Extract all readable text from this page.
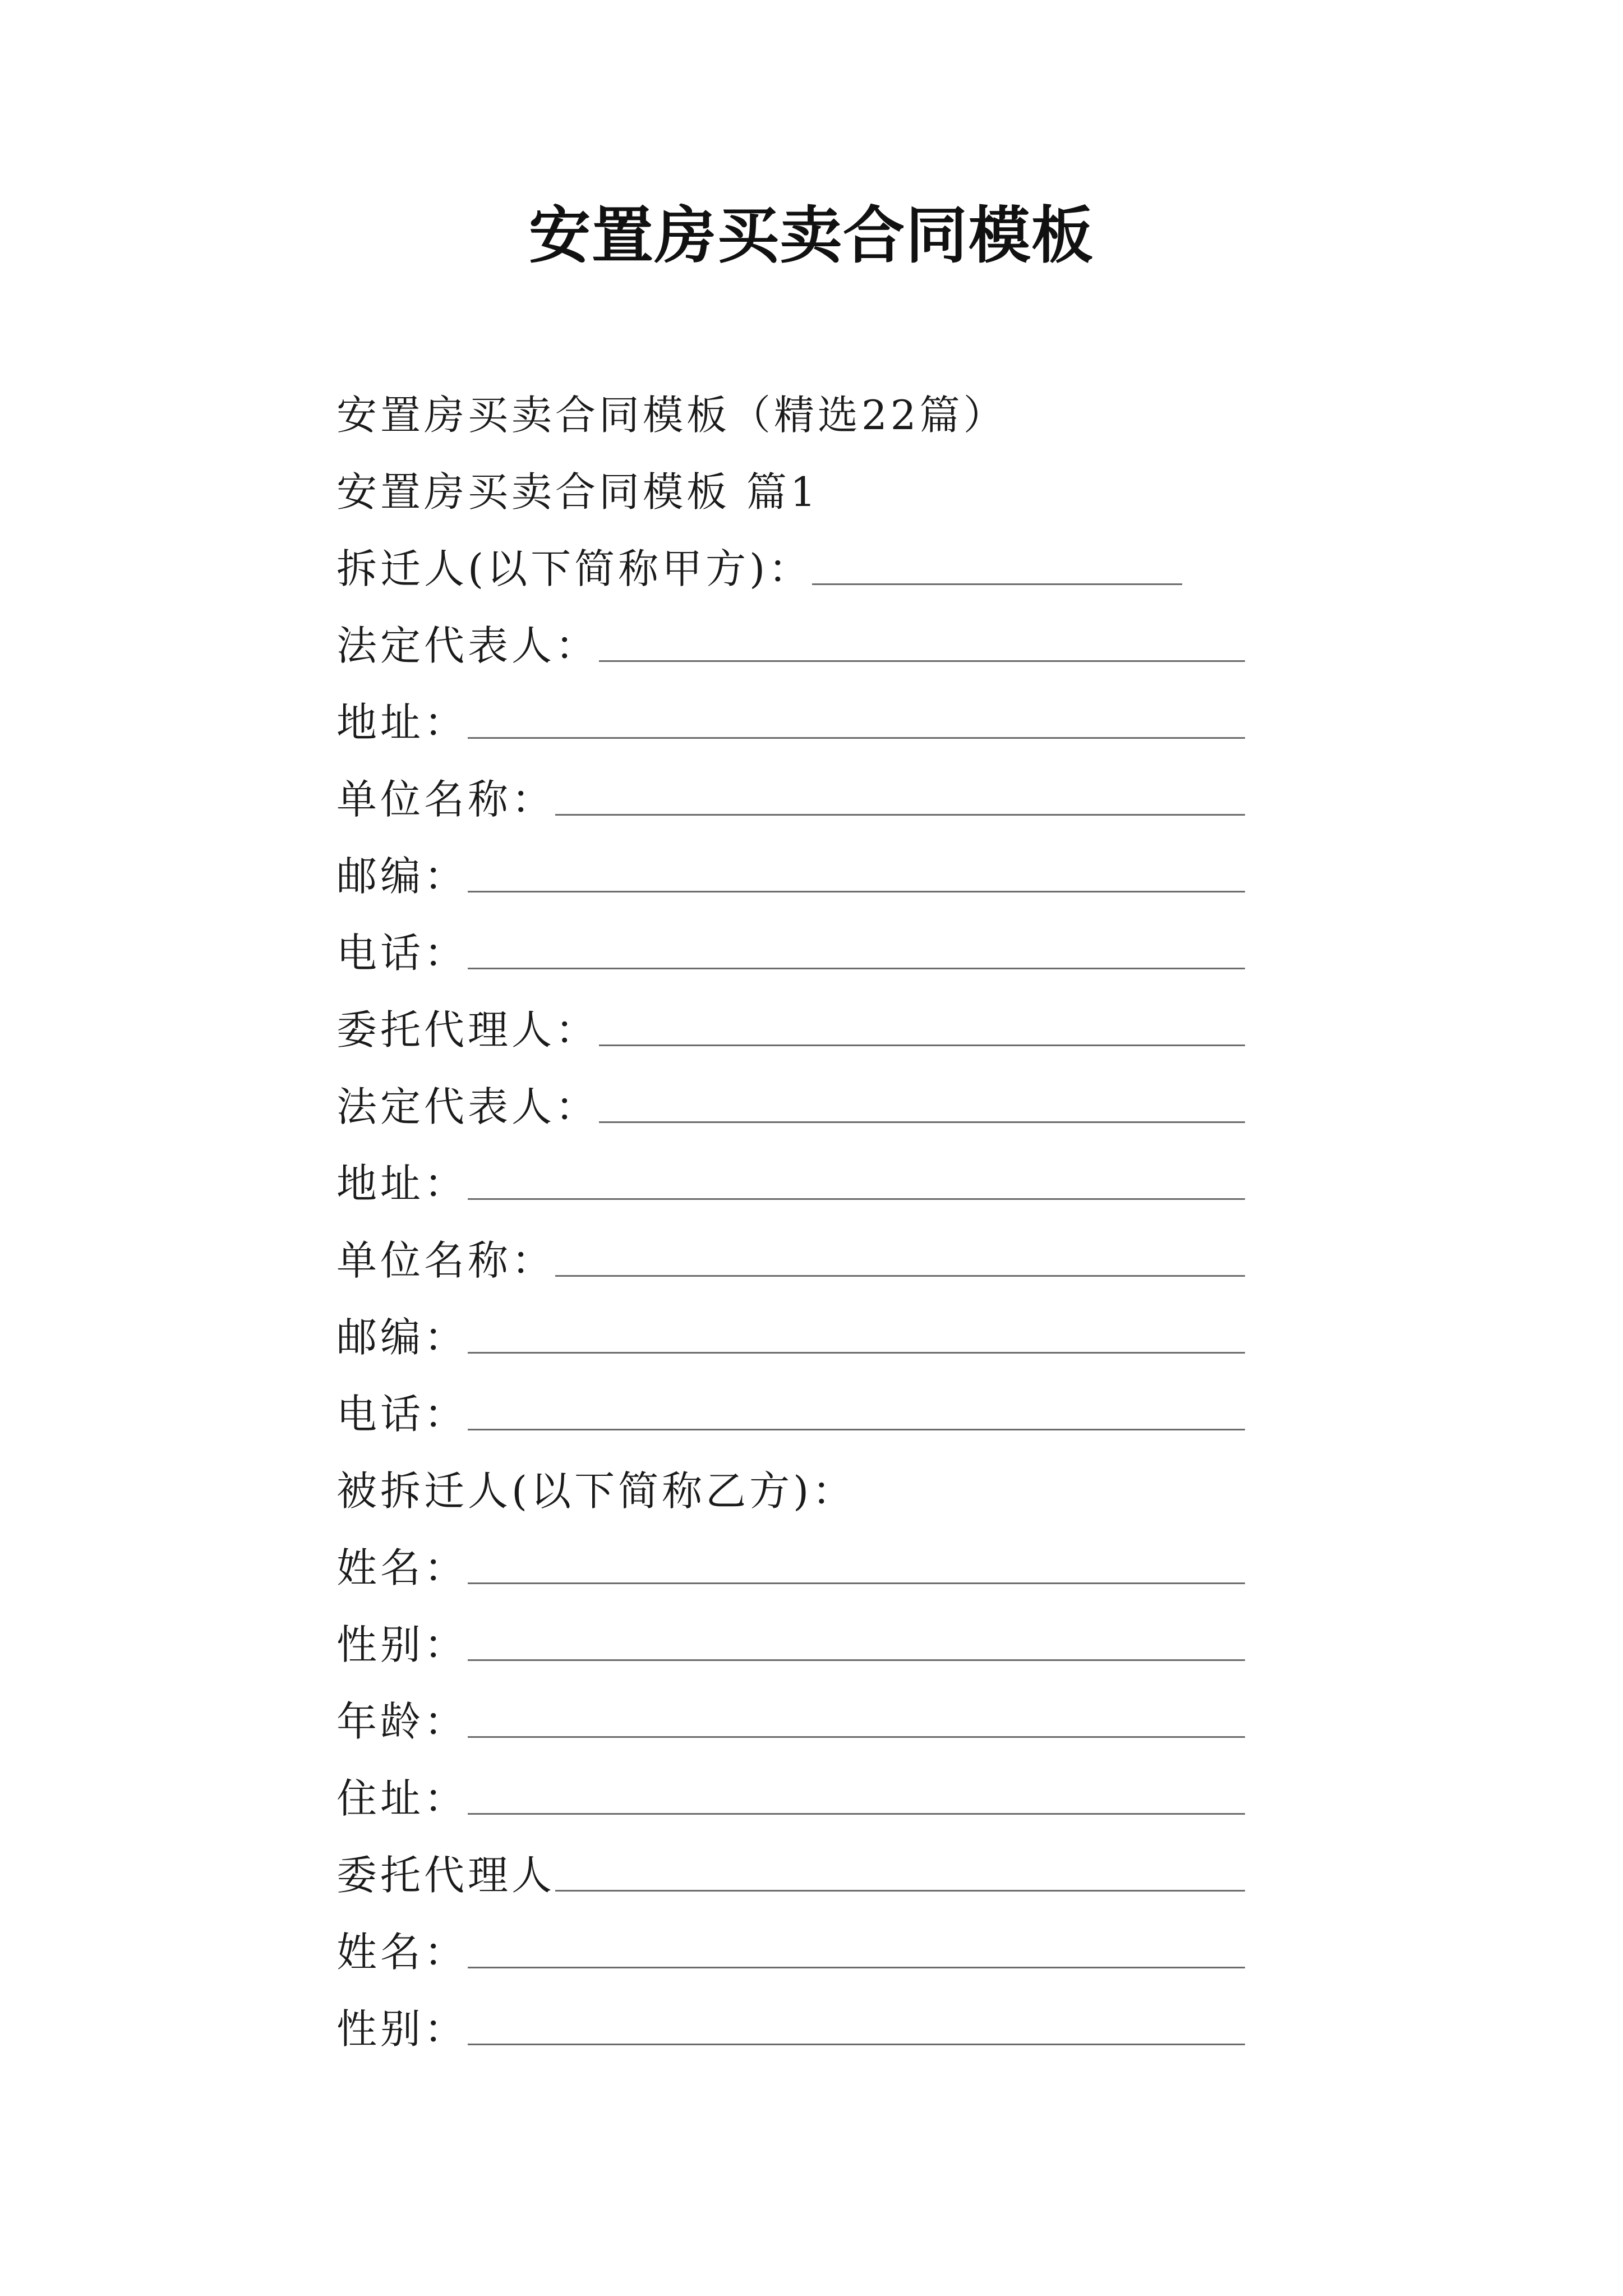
安置房买卖合同模板
安置房买卖合同模板（精选22篇）
安置房买卖合同模板 篇1
拆迁人(以下简称甲方)：
法定代表人：
地址：
单位名称：
邮编：
电话：
委托代理人：
法定代表人：
地址：
单位名称：
邮编：
电话：
被拆迁人(以下简称乙方)：
姓名：
性别：
年龄：
住址：
委托代理人
姓名：
性别：
